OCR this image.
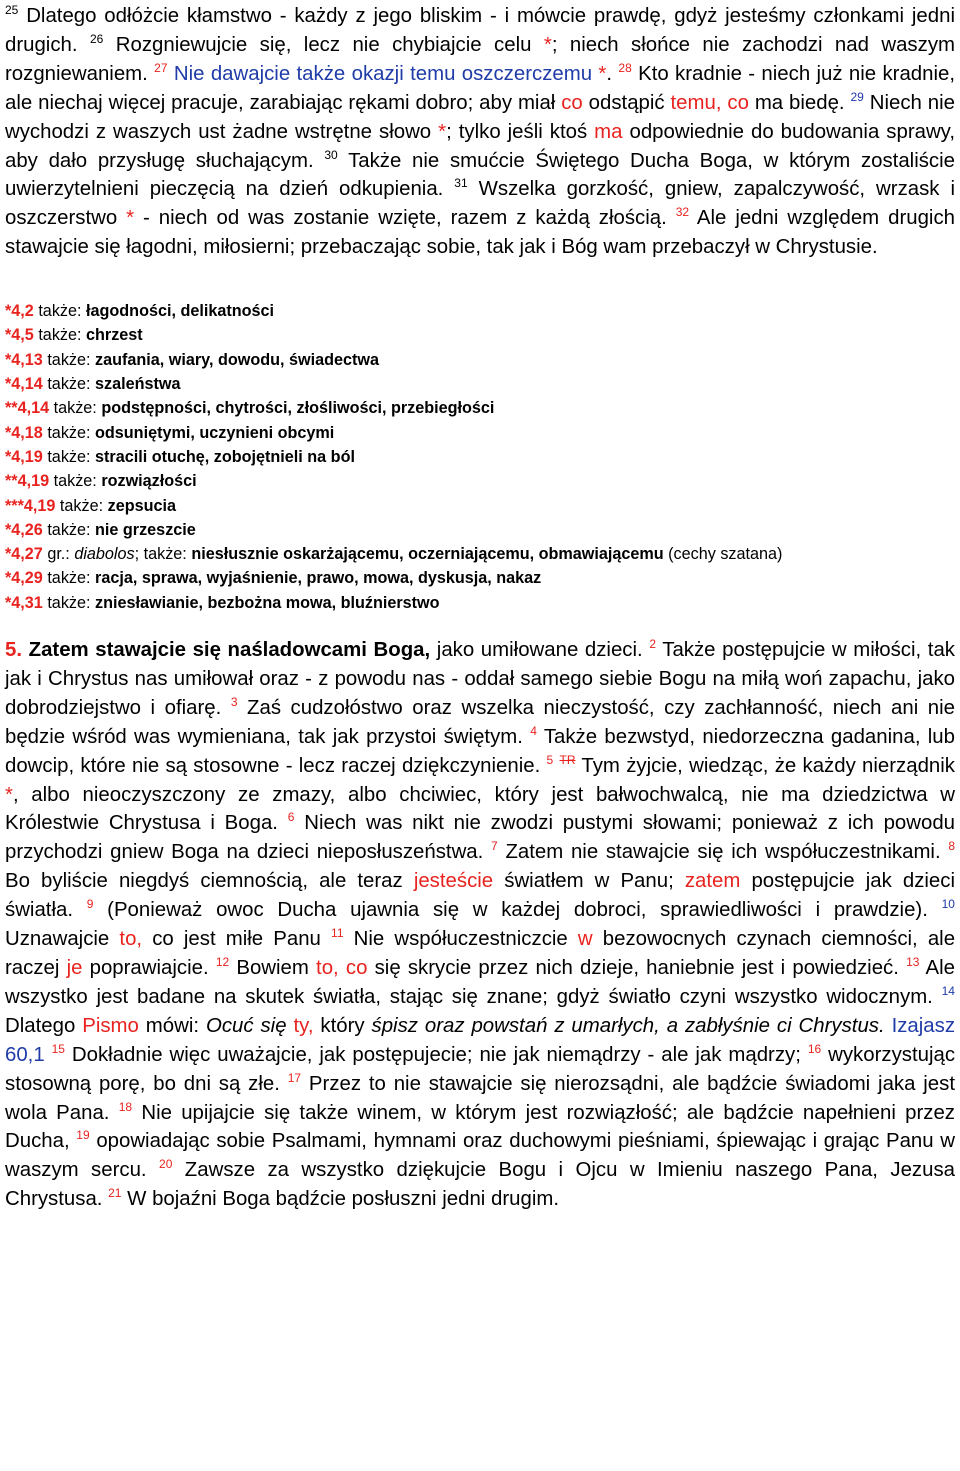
$^{25}$ Dlatego odłóżcie kłamstwo - każdy z jego bliskim - i mówcie prawdę, gdyż jesteśmy członkami jedni drugich. $^{26}$ Rozgniewujcie się, lecz nie chybiajcie celu *; niech słońce nie zachodzi nad waszym rozgniewaniem. $^{27}$ Nie dawajcie także okazji temu oszczerczemu *. $^{28}$ Kto kradnie - niech już nie kradnie, ale niechaj więcej pracuje, zarabiając rękami dobro; aby miał co odstąpić temu, co ma biedę. $^{29}$ Niech nie wychodzi z waszych ust żadne wstrętne słowo *; tylko jeśli ktoś ma odpowiednie do budowania sprawy, aby dało przysługę słuchającym. $^{30}$ Także nie smućcie Świętego Ducha Boga, w którym zostaliście uwierzytelnieni pieczęcią na dzień odkupienia. $^{31}$ Wszelka gorzkość, gniew, zapalczywość, wrzask i oszczerstwo * - niech od was zostanie wzięte, razem z każdą złością. $^{32}$ Ale jedni względem drugich stawajcie się łagodni, miłosierni; przebaczając sobie, tak jak i Bóg wam przebaczył w Chrystusie.

*4,2 także: łagodności, delikatności

*4,5 także: chrzest

*4,13 także: zaufania, wiary, dowodu, świadectwa

*4,14 także: szaleństwa

**4,14 także: podstępności, chytrości, złośliwości, przebiegłości

*4,18 także: odsuniętymi, uczynieni obcymi

*4,19 także: stracili otuchę, zobojętnieli na ból

**4,19 także: rozwiązłości

***4,19 także: zepsucia

*4,26 także: nie grzeszcie

*4,27 gr.: diabolos; także: niesłusznie oskarżającemu, oczerniającemu, obmawiającemu (cechy szatana)

*4,29 także: racja, sprawa, wyjaśnienie, prawo, mowa, dyskusja, nakaz

*4,31 także: zniesławianie, bezbożna mowa, bluźnierstwo

5. Zatem stawajcie się naśladowcami Boga, jako umiłowane dzieci. $^2$ Także postępujcie w miłości, tak jak i Chrystus nas umiłował oraz - z powodu nas - oddał samego siebie Bogu na miłą woń zapachu, jako dobrodziejstwo i ofiarę. $^3$ Zaś cudzołóstwo oraz wszelka nieczystość, czy zachłanność, niech ani nie będzie wśród was wymieniana, tak jak przystoi świętym. $^4$ Także bezwstyd, niedorzeczna gadanina, lub dowcip, które nie są stosowne - lecz raczej dziękczynienie. $^5$ $^{TR}$ Tym żyjcie, wiedząc, że każdy nierządnik *, albo nieoczyszczony ze zmazy, albo chciwiec, który jest bałwochwalcą, nie ma dziedzictwa w Królestwie Chrystusa i Boga. $^6$ Niech was nikt nie zwodzi pustymi słowami; ponieważ z ich powodu przychodzi gniew Boga na dzieci nieposłuszeństwa. $^7$ Zatem nie stawajcie się ich współuczestnikami. $^8$ Bo byliście niegdyś ciemnością, ale teraz jesteście światłem w Panu; zatem postępujcie jak dzieci światła. $^9$ (Ponieważ owoc Ducha ujawnia się w każdej dobroci, sprawiedliwości i prawdzie). $^{10}$ Uznawajcie to, co jest miłe Panu $^{11}$ Nie współuczestniczcie w bezowocnych czynach ciemności, ale raczej je poprawiajcie. $^{12}$ Bowiem to, co się skrycie przez nich dzieje, haniebnie jest i powiedzieć. $^{13}$ Ale wszystko jest badane na skutek światła, stając się znane; gdyż światło czyni wszystko widocznym. $^{14}$ Dlatego Pismo mówi: Ocuć się ty, który śpisz oraz powstań z umarłych, a zabłyśnie ci Chrystus. Izajasz 60,1 $^{15}$ Dokładnie więc uważajcie, jak postępujecie; nie jak niemądrzy - ale jak mądrzy; $^{16}$ wykorzystując stosowną porę, bo dni są złe. $^{17}$ Przez to nie stawajcie się nierozsądni, ale bądźcie świadomi jaka jest wola Pana. $^{18}$ Nie upijajcie się także winem, w którym jest rozwiązłość; ale bądźcie napełnieni przez Ducha, $^{19}$ opowiadając sobie Psalmami, hymnami oraz duchowymi pieśniami, śpiewając i grając Panu w waszym sercu. $^{20}$ Zawsze za wszystko dziękujcie Bogu i Ojcu w Imieniu naszego Pana, Jezusa Chrystusa. $^{21}$ W bojaźni Boga bądźcie posłuszni jedni drugim.
